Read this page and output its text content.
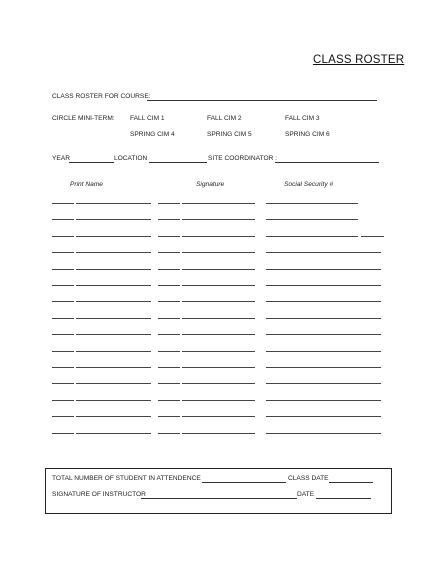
CLASS ROSTER
CLASS ROSTER FOR COURSE:
CIRCLE MINI-TERM: FALL CIM 1	FALL CIM 2	FALL CIM 3
SPRING CIM 4	SPRING CIM 5	SPRING CIM 6
YEAR	LOCATION	SITE COORDINATOR :
Print Name	Signature	Social Security #
TOTAL NUMBER OF STUDENT IN ATTENDENCE	CLASS DATE
SIGNATURE OF INSTRUCTOR	DATE
